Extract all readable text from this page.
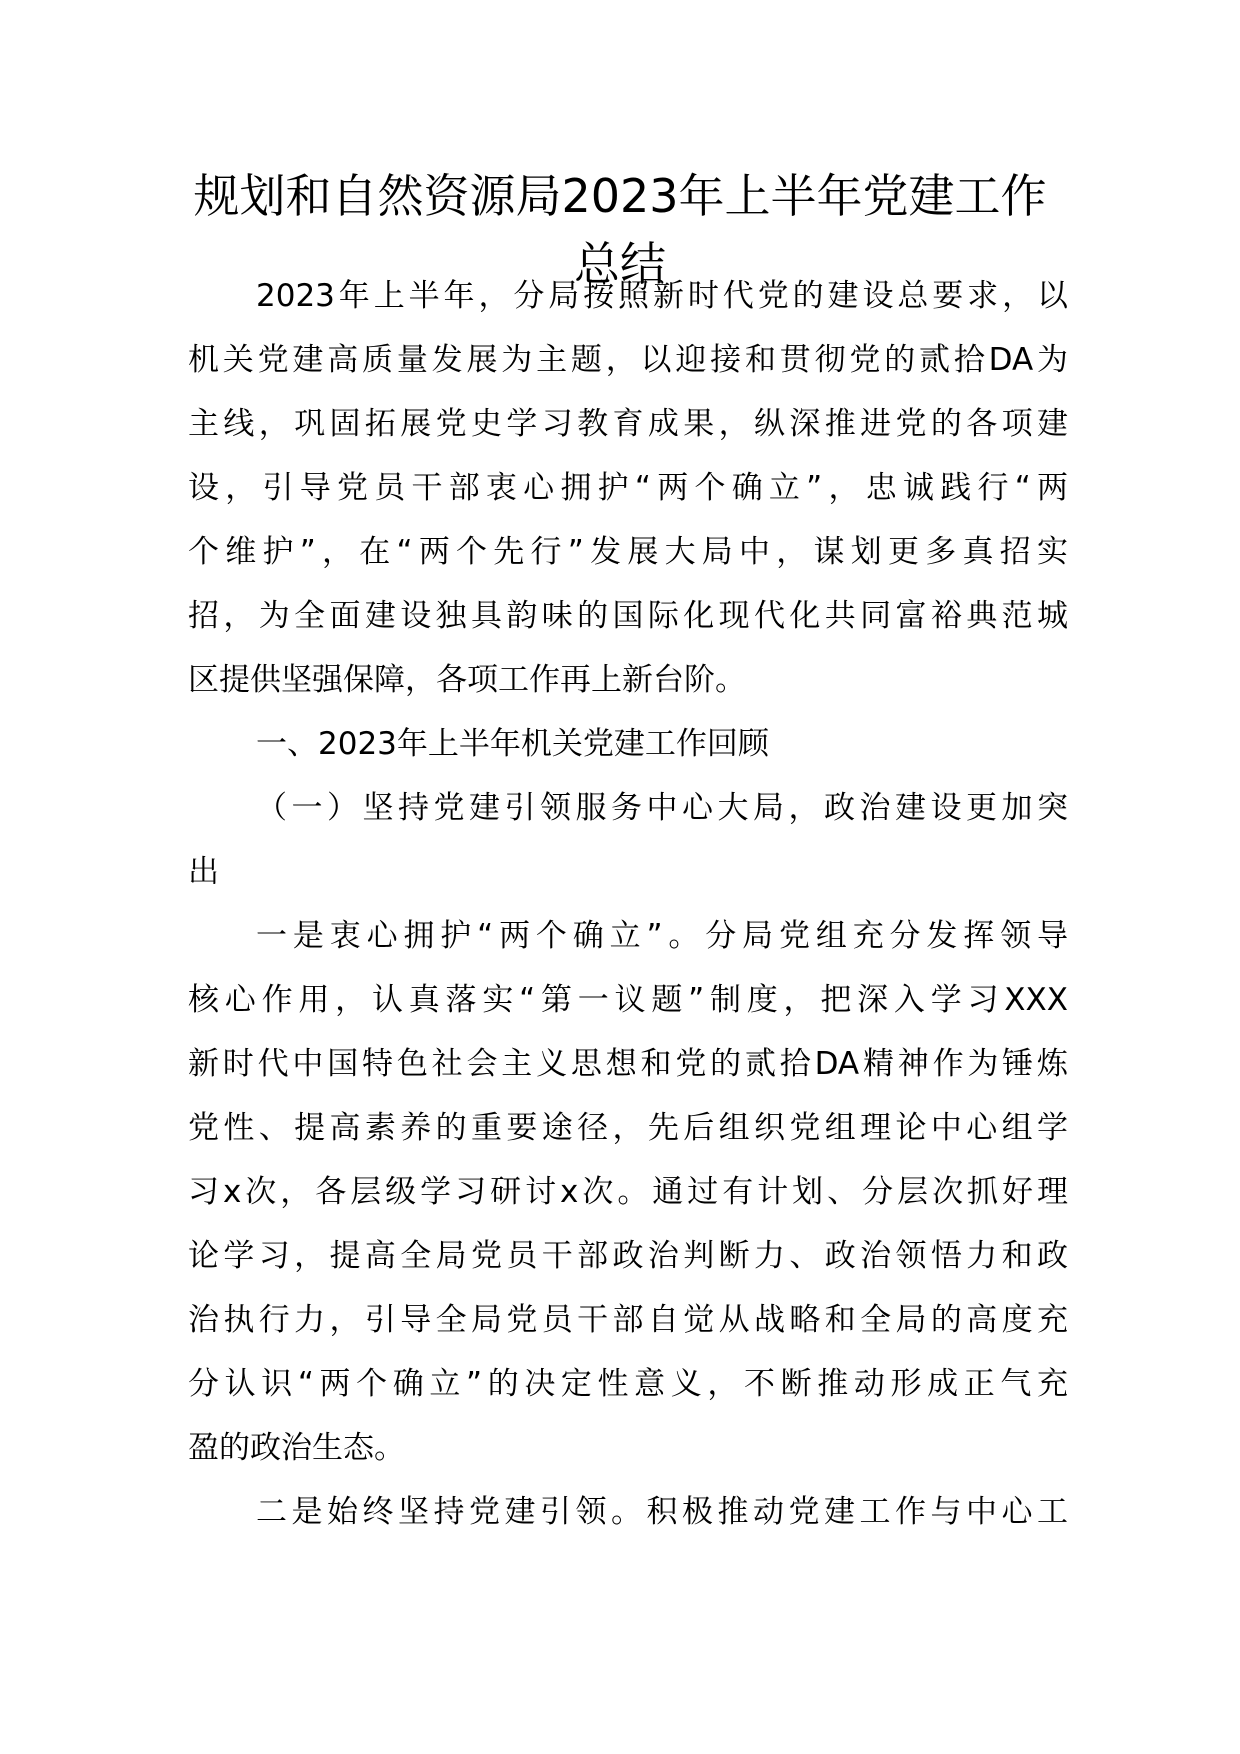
规划和自然资源局2023年上半年党建工作
总结
2023年上半年，分局按照新时代党的建设总要求，以
机关党建高质量发展为主题，以迎接和贯彻党的贰拾DA为
主线，巩固拓展党史学习教育成果，纵深推进党的各项建
设，引导党员干部衷心拥护“两个确立”，忠诚践行“两
个维护”，在“两个先行”发展大局中，谋划更多真招实
招，为全面建设独具韵味的国际化现代化共同富裕典范城
区提供坚强保障，各项工作再上新台阶。
一、2023年上半年机关党建工作回顾
（一）坚持党建引领服务中心大局，政治建设更加突
出
一是衷心拥护“两个确立”。分局党组充分发挥领导
核心作用，认真落实“第一议题”制度，把深入学习XXX
新时代中国特色社会主义思想和党的贰拾DA精神作为锤炼
党性、提高素养的重要途径，先后组织党组理论中心组学
习x次，各层级学习研讨x次。通过有计划、分层次抓好理
论学习，提高全局党员干部政治判断力、政治领悟力和政
治执行力，引导全局党员干部自觉从战略和全局的高度充
分认识“两个确立”的决定性意义，不断推动形成正气充
盈的政治生态。
二是始终坚持党建引领。积极推动党建工作与中心工
